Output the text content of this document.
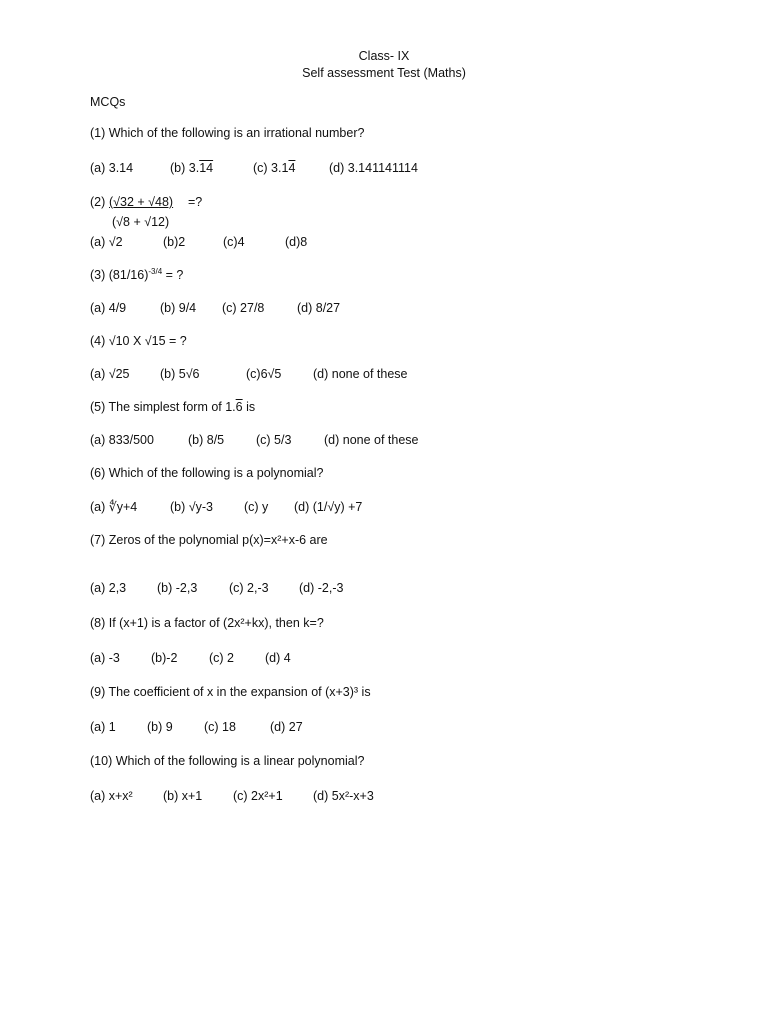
Class- IX
Self assessment Test (Maths)
MCQs
(1) Which of the following is an irrational number?
(a) 3.14	(b) 3.14	(c) 3.14	(d) 3.141141114
(2) (√32 + √48) =?
(√8 + √12)
(a) √2	(b)2	(c)4	(d)8
(3) $(81/16)^{-3/4}$ = ?
(a) 4/9	(b) 9/4 (c) 27/8	(d) 8/27
(4) √10 X √15 = ?
(a) √25 (b) 5√6	(c)6√5	(d) none of these
(5) The simplest form of 1.6 is
(a) 833/500	(b) 8/5	(c) 5/3	(d) none of these
(6) Which of the following is a polynomial?
(a) ∜y+4	(b) √y-3 (c) y (d) (1/√y) +7
(7) Zeros of the polynomial p(x)=x²+x-6 are
(a) 2,3 (b) -2,3	(c) 2,-3 (d) -2,-3
(8) If (x+1) is a factor of (2x²+kx), then k=?
(a) -3 (b)-2	(c) 2 (d) 4
(9) The coefficient of x in the expansion of (x+3)³ is
(a) 1	(b) 9	(c) 18	(d) 27
(10) Which of the following is a linear polynomial?
(a) x+x² (b) x+1 (c) 2x²+1 (d) 5x²-x+3
